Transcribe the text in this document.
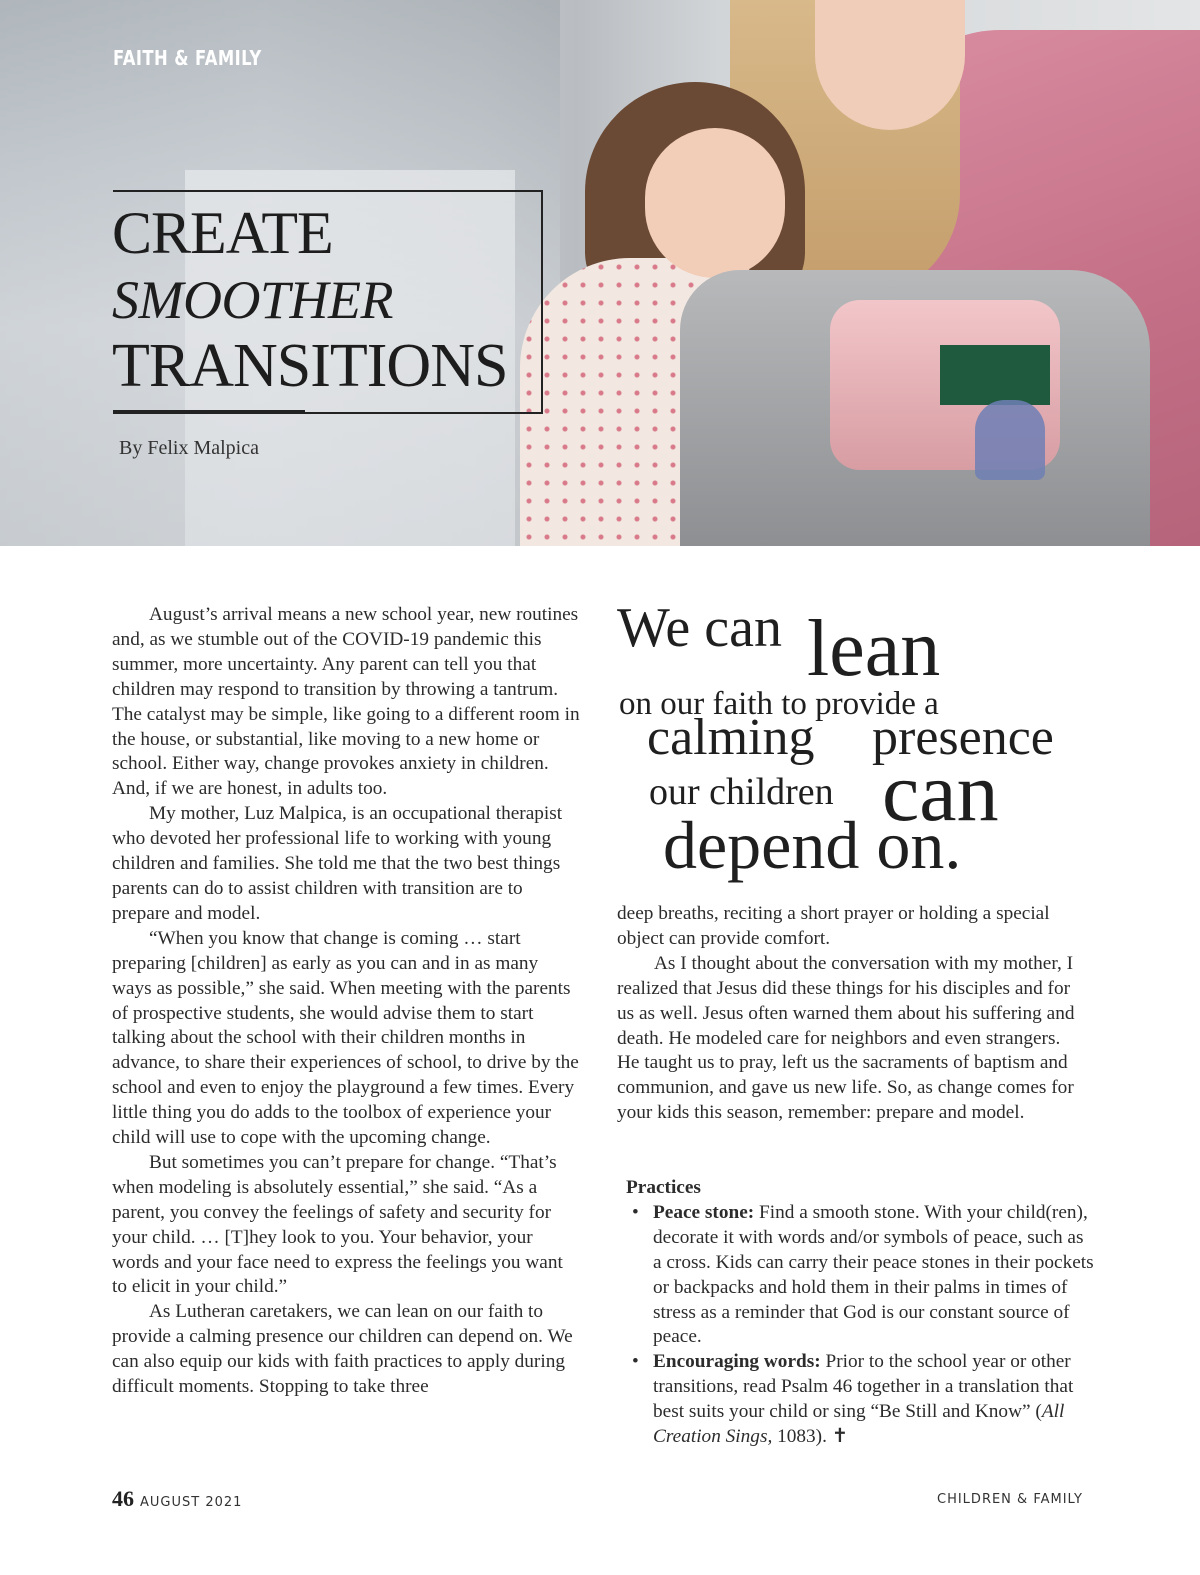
FAITH & FAMILY
CREATE
SMOOTHER
TRANSITIONS
By Felix Malpica

August’s arrival means a new school year, new routines and, as we stumble out of the COVID-19 pandemic this summer, more uncertainty. Any parent can tell you that children may respond to transition by throwing a tantrum. The catalyst may be simple, like going to a different room in the house, or substantial, like moving to a new home or school. Either way, change provokes anxiety in children. And, if we are honest, in adults too.

My mother, Luz Malpica, is an occupational therapist who devoted her professional life to working with young children and families. She told me that the two best things parents can do to assist children with transition are to prepare and model.

“When you know that change is coming … start preparing [children] as early as you can and in as many ways as possible,” she said. When meeting with the parents of prospective students, she would advise them to start talking about the school with their children months in advance, to share their experiences of school, to drive by the school and even to enjoy the playground a few times. Every little thing you do adds to the toolbox of experience your child will use to cope with the upcoming change.

But sometimes you can’t prepare for change. “That’s when modeling is absolutely essential,” she said. “As a parent, you convey the feelings of safety and security for your child. … [T]hey look to you. Your behavior, your words and your face need to express the feelings you want to elicit in your child.”

As Lutheran caretakers, we can lean on our faith to provide a calming presence our children can depend on. We can also equip our kids with faith practices to apply during difficult moments. Stopping to take three

We can lean
on our faith to provide a
calming presence
our children can
depend on.

deep breaths, reciting a short prayer or holding a special object can provide comfort.

As I thought about the conversation with my mother, I realized that Jesus did these things for his disciples and for us as well. Jesus often warned them about his suffering and death. He modeled care for neighbors and even strangers. He taught us to pray, left us the sacraments of baptism and communion, and gave us new life. So, as change comes for your kids this season, remember: prepare and model.

Practices
• Peace stone: Find a smooth stone. With your child(ren), decorate it with words and/or symbols of peace, such as a cross. Kids can carry their peace stones in their pockets or backpacks and hold them in their palms in times of stress as a reminder that God is our constant source of peace.
• Encouraging words: Prior to the school year or other transitions, read Psalm 46 together in a translation that best suits your child or sing “Be Still and Know” (All Creation Sings, 1083). ✝
46 AUGUST 2021	CHILDREN & FAMILY
